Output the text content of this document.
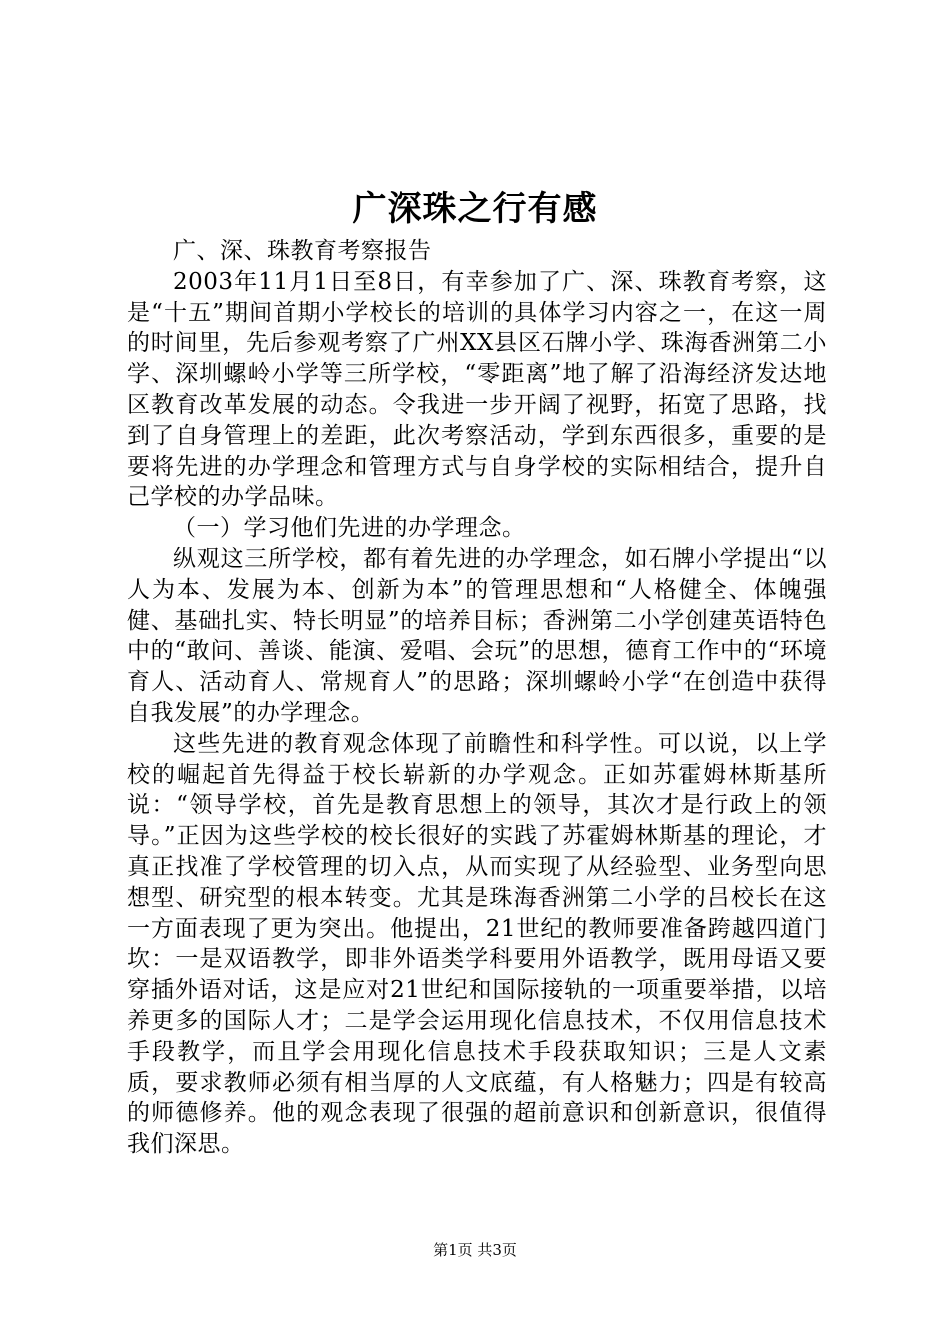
广深珠之行有感

广、深、珠教育考察报告

2003年11月1日至8日，有幸参加了广、深、珠教育考察，这是“十五”期间首期小学校长的培训的具体学习内容之一，在这一周的时间里，先后参观考察了广州XX县区石牌小学、珠海香洲第二小学、深圳螺岭小学等三所学校，“零距离”地了解了沿海经济发达地区教育改革发展的动态。令我进一步开阔了视野，拓宽了思路，找到了自身管理上的差距，此次考察活动，学到东西很多，重要的是要将先进的办学理念和管理方式与自身学校的实际相结合，提升自己学校的办学品味。

（一）学习他们先进的办学理念。

纵观这三所学校，都有着先进的办学理念，如石牌小学提出“以人为本、发展为本、创新为本”的管理思想和“人格健全、体魄强健、基础扎实、特长明显”的培养目标；香洲第二小学创建英语特色中的“敢问、善谈、能演、爱唱、会玩”的思想，德育工作中的“环境育人、活动育人、常规育人”的思路；深圳螺岭小学“在创造中获得自我发展”的办学理念。

这些先进的教育观念体现了前瞻性和科学性。可以说，以上学校的崛起首先得益于校长崭新的办学观念。正如苏霍姆林斯基所说：“领导学校，首先是教育思想上的领导，其次才是行政上的领导。”正因为这些学校的校长很好的实践了苏霍姆林斯基的理论，才真正找准了学校管理的切入点，从而实现了从经验型、业务型向思想型、研究型的根本转变。尤其是珠海香洲第二小学的吕校长在这一方面表现了更为突出。他提出，21世纪的教师要准备跨越四道门坎：一是双语教学，即非外语类学科要用外语教学，既用母语又要穿插外语对话，这是应对21世纪和国际接轨的一项重要举措，以培养更多的国际人才；二是学会运用现化信息技术，不仅用信息技术手段教学，而且学会用现化信息技术手段获取知识；三是人文素质，要求教师必须有相当厚的人文底蕴，有人格魅力；四是有较高的师德修养。他的观念表现了很强的超前意识和创新意识，很值得我们深思。

第1页 共3页
